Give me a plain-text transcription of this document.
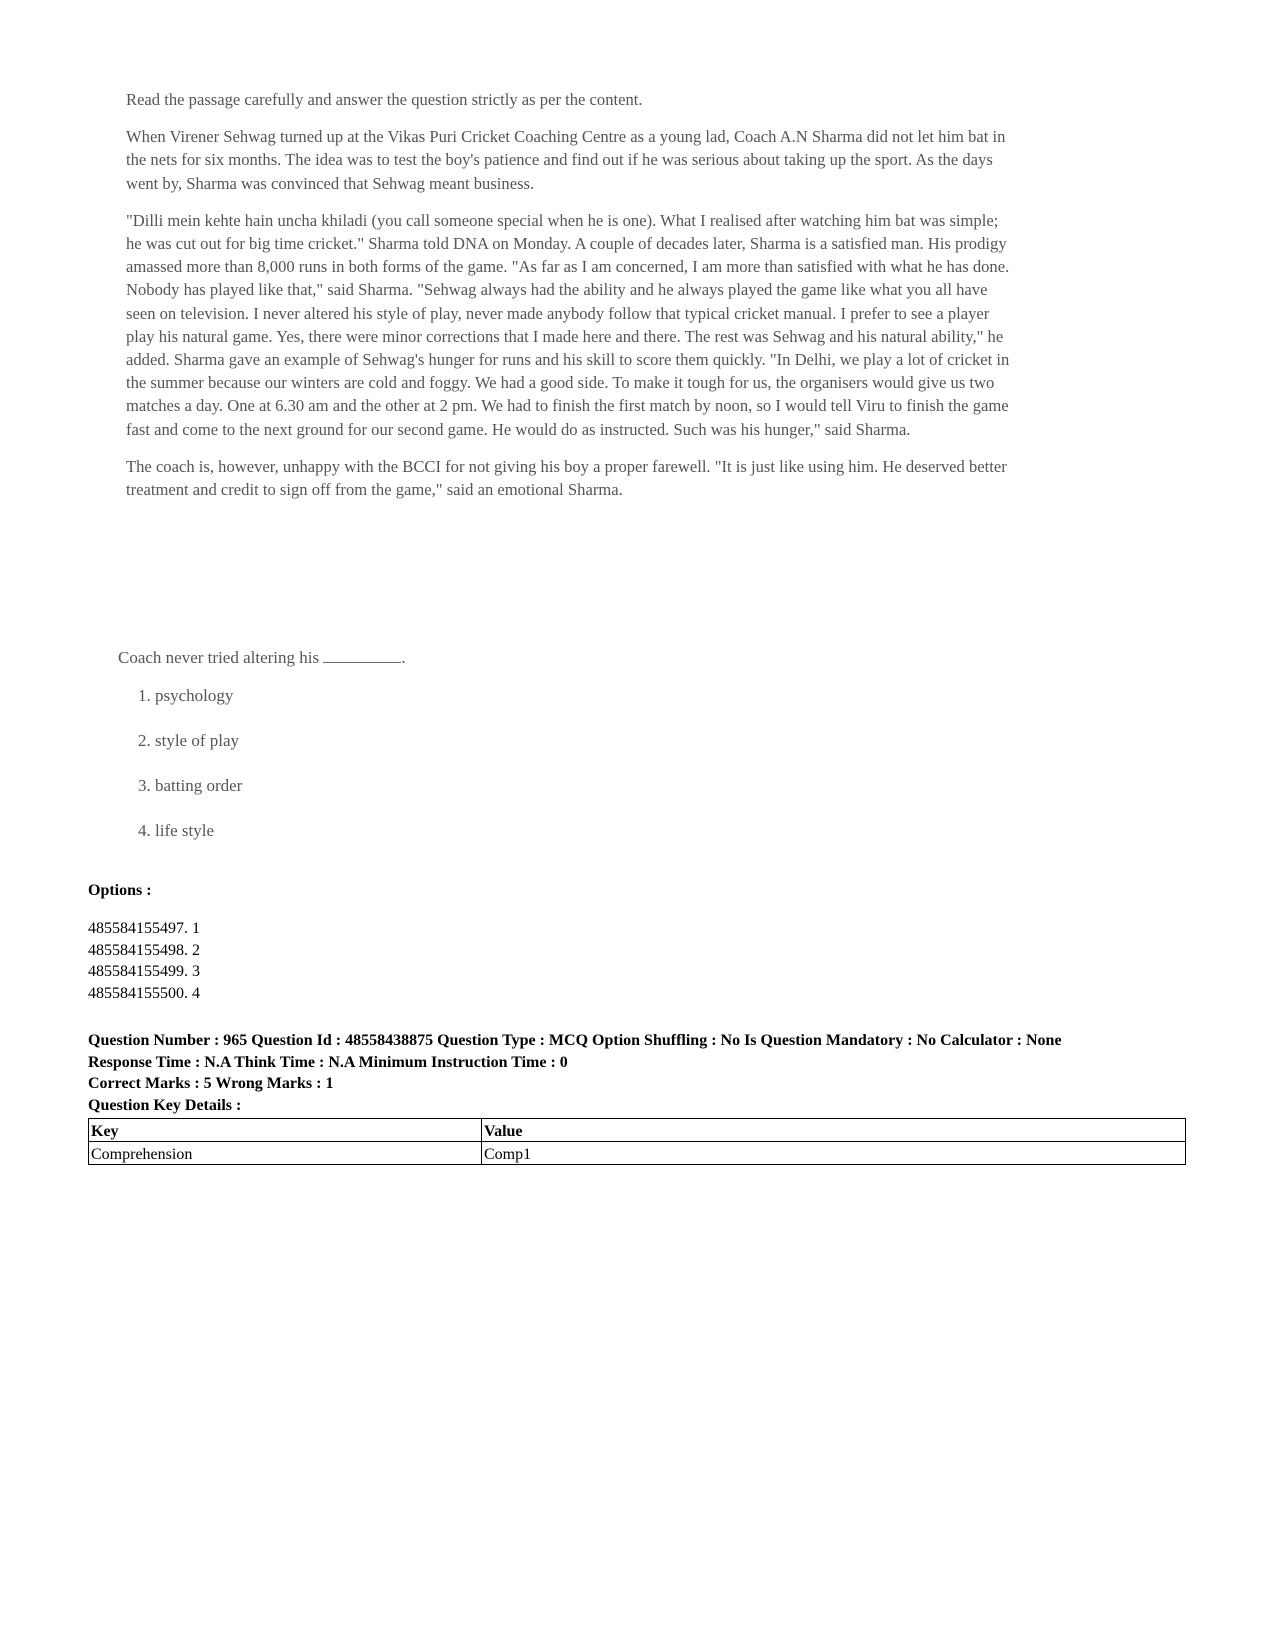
Read the passage carefully and answer the question strictly as per the content.

When Virener Sehwag turned up at the Vikas Puri Cricket Coaching Centre as a young lad, Coach A.N Sharma did not let him bat in the nets for six months. The idea was to test the boy's patience and find out if he was serious about taking up the sport. As the days went by, Sharma was convinced that Sehwag meant business.

"Dilli mein kehte hain uncha khiladi (you call someone special when he is one). What I realised after watching him bat was simple; he was cut out for big time cricket." Sharma told DNA on Monday. A couple of decades later, Sharma is a satisfied man. His prodigy amassed more than 8,000 runs in both forms of the game. "As far as I am concerned, I am more than satisfied with what he has done. Nobody has played like that," said Sharma. "Sehwag always had the ability and he always played the game like what you all have seen on television. I never altered his style of play, never made anybody follow that typical cricket manual. I prefer to see a player play his natural game. Yes, there were minor corrections that I made here and there. The rest was Sehwag and his natural ability," he added. Sharma gave an example of Sehwag's hunger for runs and his skill to score them quickly. "In Delhi, we play a lot of cricket in the summer because our winters are cold and foggy. We had a good side. To make it tough for us, the organisers would give us two matches a day. One at 6.30 am and the other at 2 pm. We had to finish the first match by noon, so I would tell Viru to finish the game fast and come to the next ground for our second game. He would do as instructed. Such was his hunger," said Sharma.

The coach is, however, unhappy with the BCCI for not giving his boy a proper farewell. "It is just like using him. He deserved better treatment and credit to sign off from the game," said an emotional Sharma.

Coach never tried altering his	.

1. psychology
2. style of play
3. batting order
4. life style
Options :
485584155497. 1
485584155498. 2
485584155499. 3
485584155500. 4
Question Number : 965 Question Id : 48558438875 Question Type : MCQ Option Shuffling : No Is Question Mandatory : No Calculator : None
Response Time : N.A Think Time : N.A Minimum Instruction Time : 0
Correct Marks : 5 Wrong Marks : 1
Question Key Details :
Key	Value
Comprehension	Comp1
